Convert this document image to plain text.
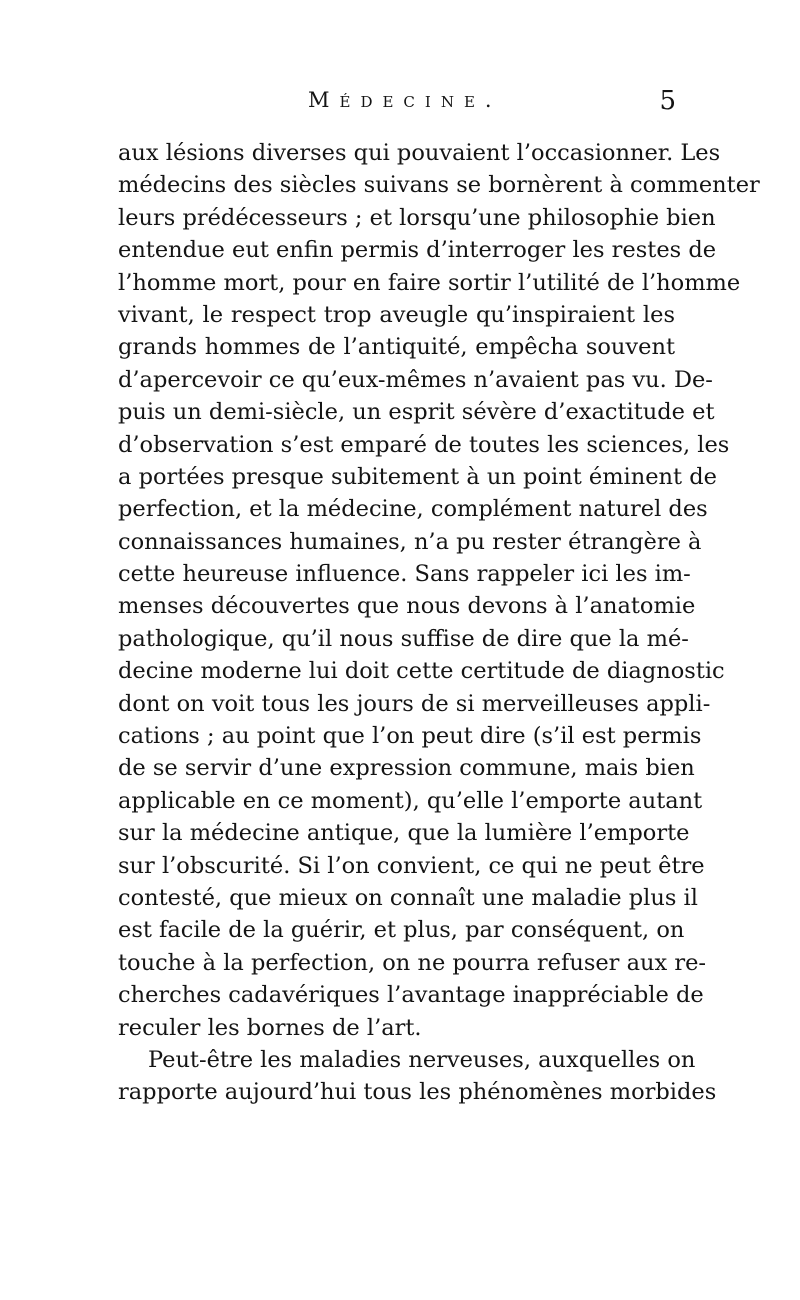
Médecine.	5
aux lésions diverses qui pouvaient l’occasionner. Les
médecins des siècles suivans se bornèrent à commenter
leurs prédécesseurs ; et lorsqu’une philosophie bien
entendue eut enfin permis d’interroger les restes de
l’homme mort, pour en faire sortir l’utilité de l’homme
vivant, le respect trop aveugle qu’inspiraient les
grands hommes de l’antiquité, empêcha souvent
d’apercevoir ce qu’eux-mêmes n’avaient pas vu. De-
puis un demi-siècle, un esprit sévère d’exactitude et
d’observation s’est emparé de toutes les sciences, les
a portées presque subitement à un point éminent de
perfection, et la médecine, complément naturel des
connaissances humaines, n’a pu rester étrangère à
cette heureuse influence. Sans rappeler ici les im-
menses découvertes que nous devons à l’anatomie
pathologique, qu’il nous suffise de dire que la mé-
decine moderne lui doit cette certitude de diagnostic
dont on voit tous les jours de si merveilleuses appli-
cations ; au point que l’on peut dire (s’il est permis
de se servir d’une expression commune, mais bien
applicable en ce moment), qu’elle l’emporte autant
sur la médecine antique, que la lumière l’emporte
sur l’obscurité. Si l’on convient, ce qui ne peut être
contesté, que mieux on connaît une maladie plus il
est facile de la guérir, et plus, par conséquent, on
touche à la perfection, on ne pourra refuser aux re-
cherches cadavériques l’avantage inappréciable de
reculer les bornes de l’art.
Peut-être les maladies nerveuses, auxquelles on
rapporte aujourd’hui tous les phénomènes morbides
